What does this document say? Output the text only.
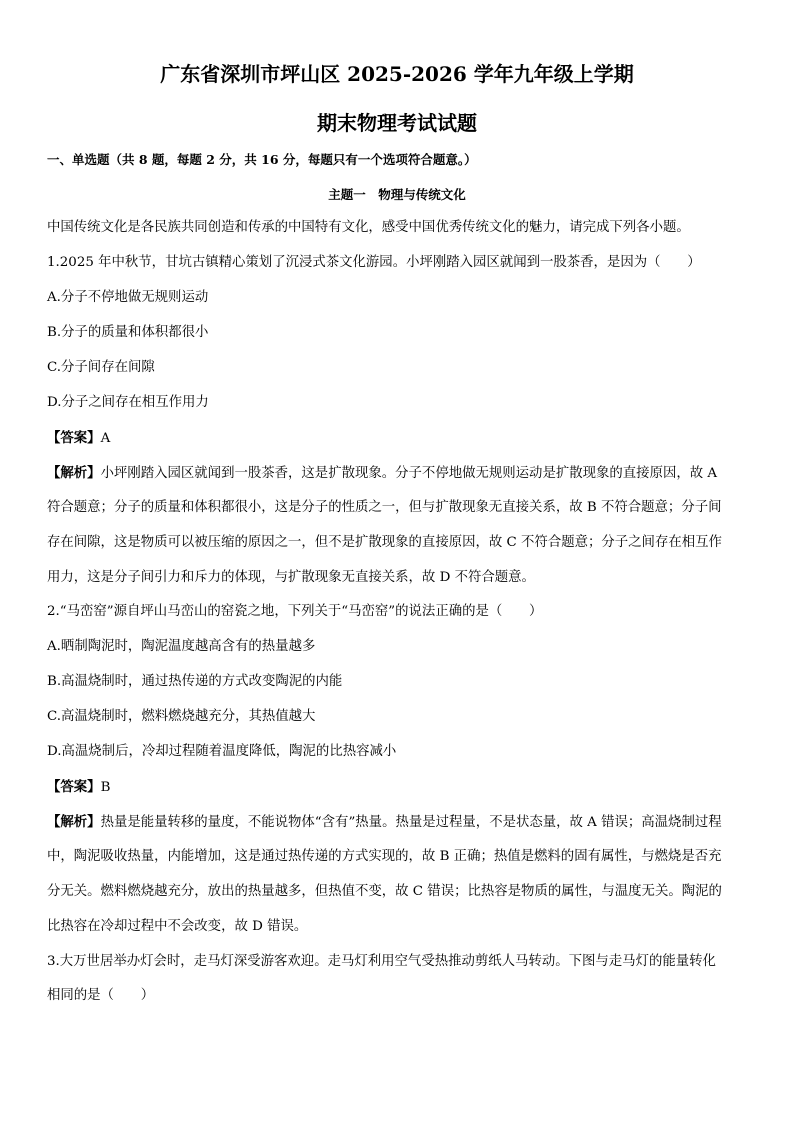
广东省深圳市坪山区 2025-2026 学年九年级上学期
期末物理考试试题
一、单选题（共 8 题，每题 2 分，共 16 分，每题只有一个选项符合题意。）
主题一　物理与传统文化
中国传统文化是各民族共同创造和传承的中国特有文化，感受中国优秀传统文化的魅力，请完成下列各小题。
1.2025 年中秋节，甘坑古镇精心策划了沉浸式茶文化游园。小坪刚踏入园区就闻到一股茶香，是因为（　　）
A.分子不停地做无规则运动
B.分子的质量和体积都很小
C.分子间存在间隙
D.分子之间存在相互作用力
【答案】A
【解析】小坪刚踏入园区就闻到一股茶香，这是扩散现象。分子不停地做无规则运动是扩散现象的直接原因，故 A
符合题意；分子的质量和体积都很小，这是分子的性质之一，但与扩散现象无直接关系，故 B 不符合题意；分子间
存在间隙，这是物质可以被压缩的原因之一，但不是扩散现象的直接原因，故 C 不符合题意；分子之间存在相互作
用力，这是分子间引力和斥力的体现，与扩散现象无直接关系，故 D 不符合题意。
2.“马峦窑”源自坪山马峦山的窑瓷之地，下列关于“马峦窑”的说法正确的是（　　）
A.晒制陶泥时，陶泥温度越高含有的热量越多
B.高温烧制时，通过热传递的方式改变陶泥的内能
C.高温烧制时，燃料燃烧越充分，其热值越大
D.高温烧制后，冷却过程随着温度降低，陶泥的比热容减小
【答案】B
【解析】热量是能量转移的量度，不能说物体“含有”热量。热量是过程量，不是状态量，故 A 错误；高温烧制过程
中，陶泥吸收热量，内能增加，这是通过热传递的方式实现的，故 B 正确；热值是燃料的固有属性，与燃烧是否充
分无关。燃料燃烧越充分，放出的热量越多，但热值不变，故 C 错误；比热容是物质的属性，与温度无关。陶泥的
比热容在冷却过程中不会改变，故 D 错误。
3.大万世居举办灯会时，走马灯深受游客欢迎。走马灯利用空气受热推动剪纸人马转动。下图与走马灯的能量转化
相同的是（　　）
